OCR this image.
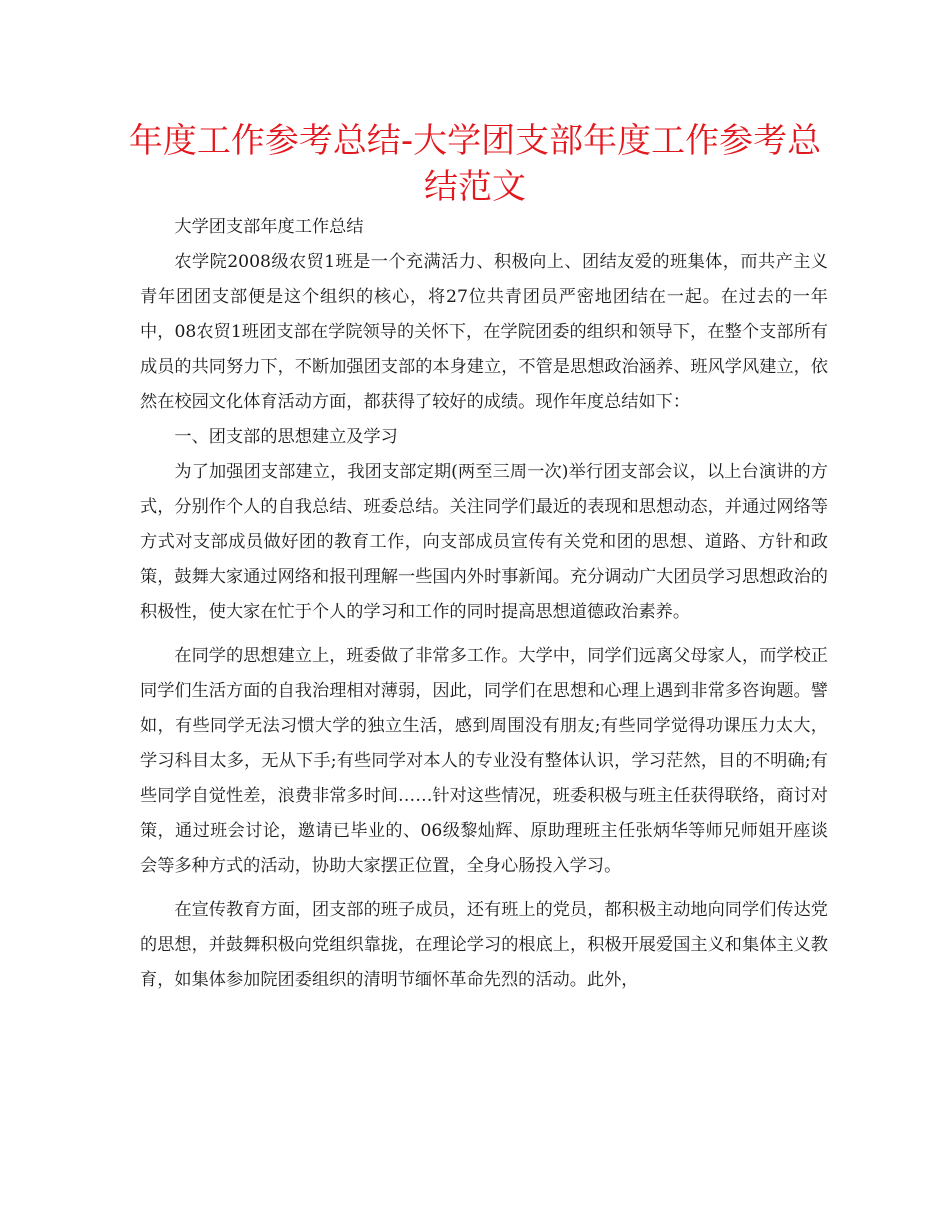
年度工作参考总结-大学团支部年度工作参考总结范文

大学团支部年度工作总结

农学院2008级农贸1班是一个充满活力、积极向上、团结友爱的班集体，而共产主义青年团团支部便是这个组织的核心，将27位共青团员严密地团结在一起。在过去的一年中，08农贸1班团支部在学院领导的关怀下，在学院团委的组织和领导下，在整个支部所有成员的共同努力下，不断加强团支部的本身建立，不管是思想政治涵养、班风学风建立，依然在校园文化体育活动方面，都获得了较好的成绩。现作年度总结如下：

一、团支部的思想建立及学习

为了加强团支部建立，我团支部定期(两至三周一次)举行团支部会议，以上台演讲的方式，分别作个人的自我总结、班委总结。关注同学们最近的表现和思想动态，并通过网络等方式对支部成员做好团的教育工作，向支部成员宣传有关党和团的思想、道路、方针和政策，鼓舞大家通过网络和报刊理解一些国内外时事新闻。充分调动广大团员学习思想政治的积极性，使大家在忙于个人的学习和工作的同时提高思想道德政治素养。

在同学的思想建立上，班委做了非常多工作。大学中，同学们远离父母家人，而学校正同学们生活方面的自我治理相对薄弱，因此，同学们在思想和心理上遇到非常多咨询题。譬如，有些同学无法习惯大学的独立生活，感到周围没有朋友;有些同学觉得功课压力太大，学习科目太多，无从下手;有些同学对本人的专业没有整体认识，学习茫然，目的不明确;有些同学自觉性差，浪费非常多时间……针对这些情况，班委积极与班主任获得联络，商讨对策，通过班会讨论，邀请已毕业的、06级黎灿辉、原助理班主任张炳华等师兄师姐开座谈会等多种方式的活动，协助大家摆正位置，全身心肠投入学习。

在宣传教育方面，团支部的班子成员，还有班上的党员，都积极主动地向同学们传达党的思想，并鼓舞积极向党组织靠拢，在理论学习的根底上，积极开展爱国主义和集体主义教育，如集体参加院团委组织的清明节缅怀革命先烈的活动。此外，
